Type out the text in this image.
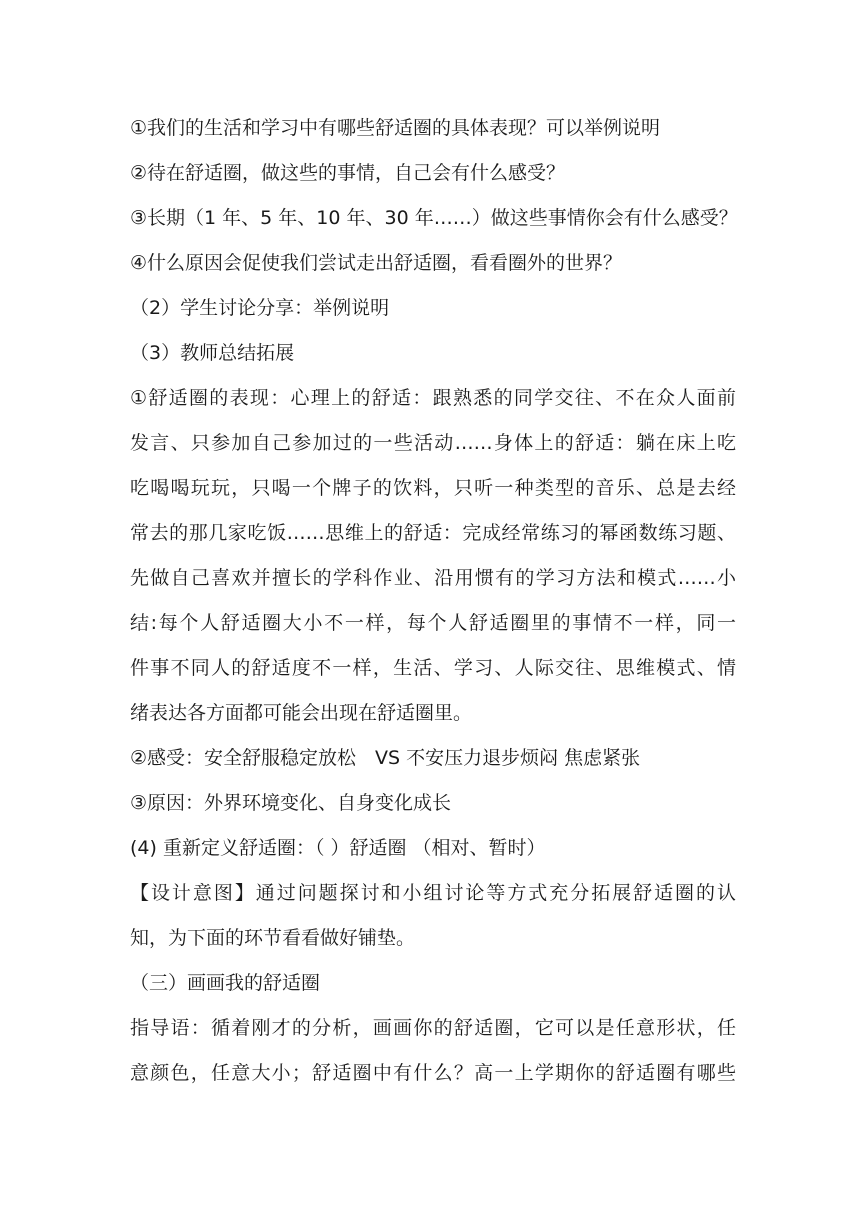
①我们的生活和学习中有哪些舒适圈的具体表现？可以举例说明
②待在舒适圈，做这些的事情，自己会有什么感受？
③长期（1 年、5 年、10 年、30 年……）做这些事情你会有什么感受？
④什么原因会促使我们尝试走出舒适圈，看看圈外的世界？
（2）学生讨论分享：举例说明
（3）教师总结拓展
①舒适圈的表现：心理上的舒适：跟熟悉的同学交往、不在众人面前
发言、只参加自己参加过的一些活动……身体上的舒适：躺在床上吃
吃喝喝玩玩，只喝一个牌子的饮料，只听一种类型的音乐、总是去经
常去的那几家吃饭……思维上的舒适：完成经常练习的幂函数练习题、
先做自己喜欢并擅长的学科作业、沿用惯有的学习方法和模式……小
结:每个人舒适圈大小不一样，每个人舒适圈里的事情不一样，同一
件事不同人的舒适度不一样，生活、学习、人际交往、思维模式、情
绪表达各方面都可能会出现在舒适圈里。
②感受：安全舒服稳定放松　VS 不安压力退步烦闷 焦虑紧张
③原因：外界环境变化、自身变化成长
(4) 重新定义舒适圈：（ ）舒适圈 （相对、暂时）
【设计意图】通过问题探讨和小组讨论等方式充分拓展舒适圈的认
知，为下面的环节看看做好铺垫。
（三）画画我的舒适圈
指导语：循着刚才的分析，画画你的舒适圈，它可以是任意形状，任
意颜色，任意大小；舒适圈中有什么？高一上学期你的舒适圈有哪些
